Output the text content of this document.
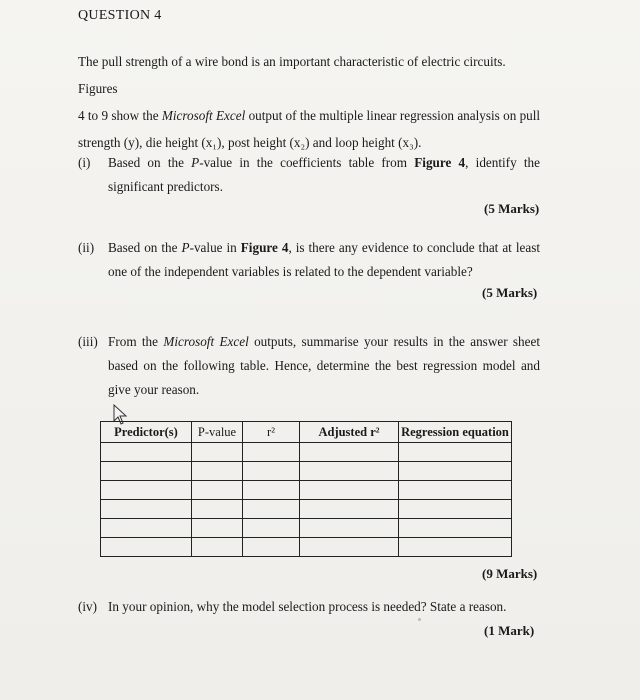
QUESTION 4
The pull strength of a wire bond is an important characteristic of electric circuits. Figures
4 to 9 show the Microsoft Excel output of the multiple linear regression analysis on pull
strength (y), die height (x₁), post height (x₂) and loop height (x₃).
(i) Based on the P-value in the coefficients table from Figure 4, identify the significant predictors.
(5 Marks)
(ii) Based on the P-value in Figure 4, is there any evidence to conclude that at least one of the independent variables is related to the dependent variable?
(5 Marks)
(iii) From the Microsoft Excel outputs, summarise your results in the answer sheet based on the following table. Hence, determine the best regression model and give your reason.
Predictor(s)	P-value	r²	Adjusted r²	Regression equation

(9 Marks)
(iv) In your opinion, why the model selection process is needed? State a reason.
(1 Mark)
